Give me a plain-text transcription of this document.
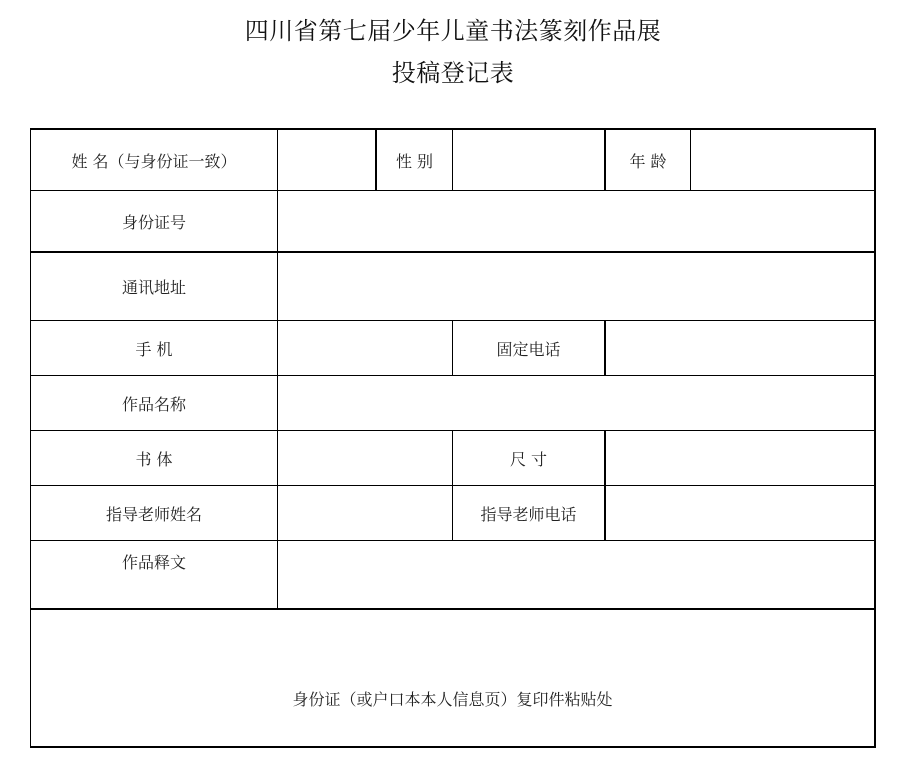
四川省第七届少年儿童书法篆刻作品展
投稿登记表
姓 名（与身份证一致）	性 别	年 龄
身份证号
通讯地址
手 机	固定电话
作品名称
书 体	尺 寸
指导老师姓名	指导老师电话
作品释文
身份证（或户口本本人信息页）复印件粘贴处
